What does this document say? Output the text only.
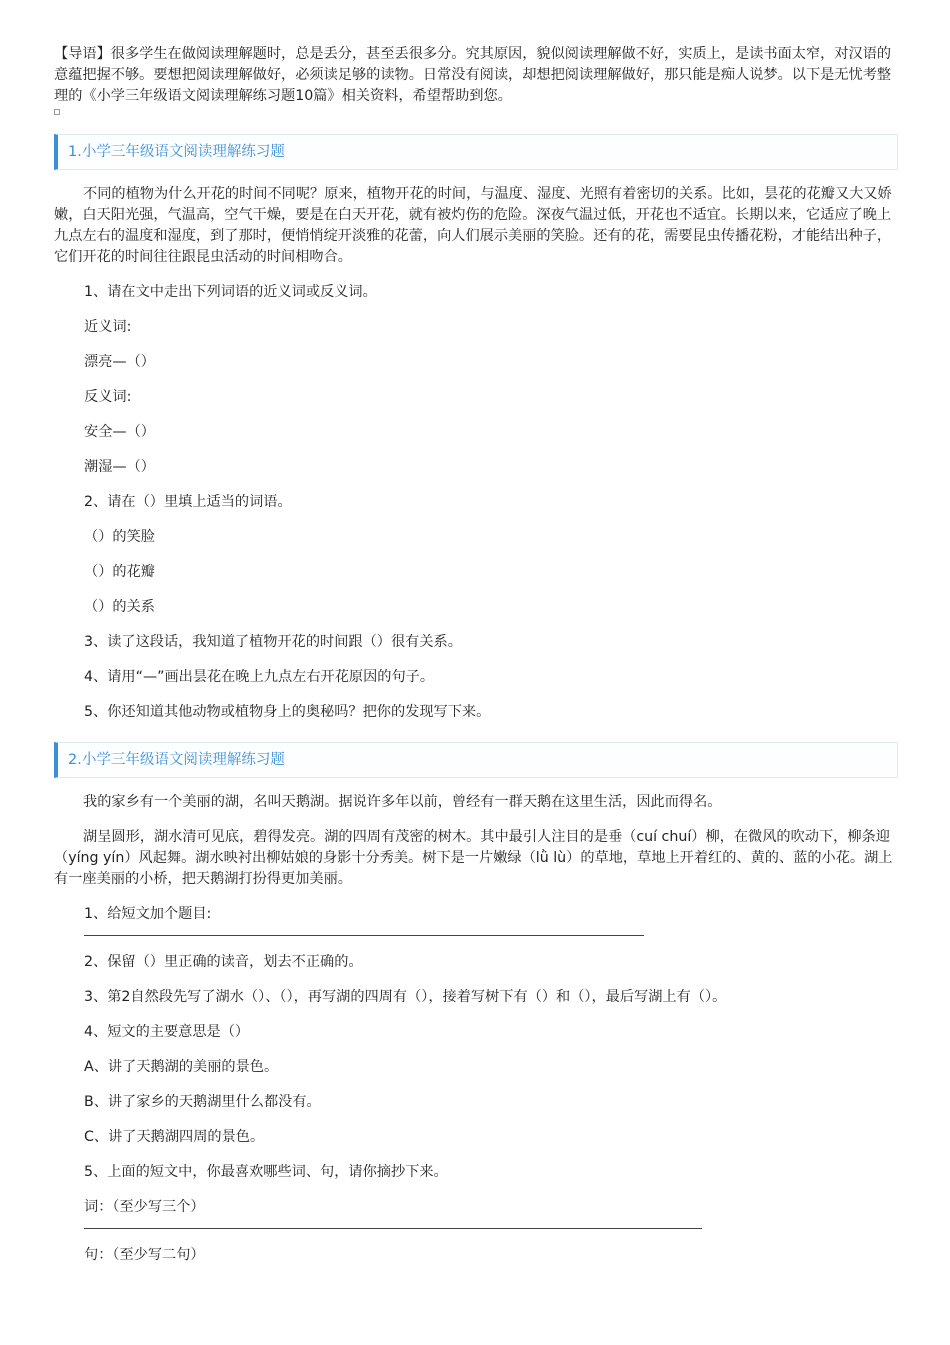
【导语】很多学生在做阅读理解题时，总是丢分，甚至丢很多分。究其原因，貌似阅读理解做不好，实质上，是读书面太窄，对汉语的意蕴把握不够。要想把阅读理解做好，必须读足够的读物。日常没有阅读，却想把阅读理解做好，那只能是痴人说梦。以下是无忧考整理的《小学三年级语文阅读理解练习题10篇》相关资料，希望帮助到您。

1.小学三年级语文阅读理解练习题

不同的植物为什么开花的时间不同呢？原来，植物开花的时间，与温度、湿度、光照有着密切的关系。比如，昙花的花瓣又大又娇嫩，白天阳光强，气温高，空气干燥，要是在白天开花，就有被灼伤的危险。深夜气温过低，开花也不适宜。长期以来，它适应了晚上九点左右的温度和湿度，到了那时，便悄悄绽开淡雅的花蕾，向人们展示美丽的笑脸。还有的花，需要昆虫传播花粉，才能结出种子，它们开花的时间往往跟昆虫活动的时间相吻合。

1、请在文中走出下列词语的近义词或反义词。

近义词:

漂亮—（）

反义词:

安全—（）

潮湿—（）

2、请在（）里填上适当的词语。

（）的笑脸

（）的花瓣

（）的关系

3、读了这段话，我知道了植物开花的时间跟（）很有关系。

4、请用“—”画出昙花在晚上九点左右开花原因的句子。

5、你还知道其他动物或植物身上的奥秘吗？把你的发现写下来。

2.小学三年级语文阅读理解练习题

我的家乡有一个美丽的湖，名叫天鹅湖。据说许多年以前，曾经有一群天鹅在这里生活，因此而得名。

湖呈圆形，湖水清可见底，碧得发亮。湖的四周有茂密的树木。其中最引人注目的是垂（cuí chuí）柳，在微风的吹动下，柳条迎（yíng yín）风起舞。湖水映衬出柳姑娘的身影十分秀美。树下是一片嫩绿（lǜ lù）的草地，草地上开着红的、黄的、蓝的小花。湖上有一座美丽的小桥，把天鹅湖打扮得更加美丽。

1、给短文加个题目:

2、保留（）里正确的读音，划去不正确的。

3、第2自然段先写了湖水（）、（），再写湖的四周有（），接着写树下有（）和（），最后写湖上有（）。

4、短文的主要意思是（）

A、讲了天鹅湖的美丽的景色。

B、讲了家乡的天鹅湖里什么都没有。

C、讲了天鹅湖四周的景色。

5、上面的短文中，你最喜欢哪些词、句，请你摘抄下来。

词：（至少写三个）

句：（至少写二句）
